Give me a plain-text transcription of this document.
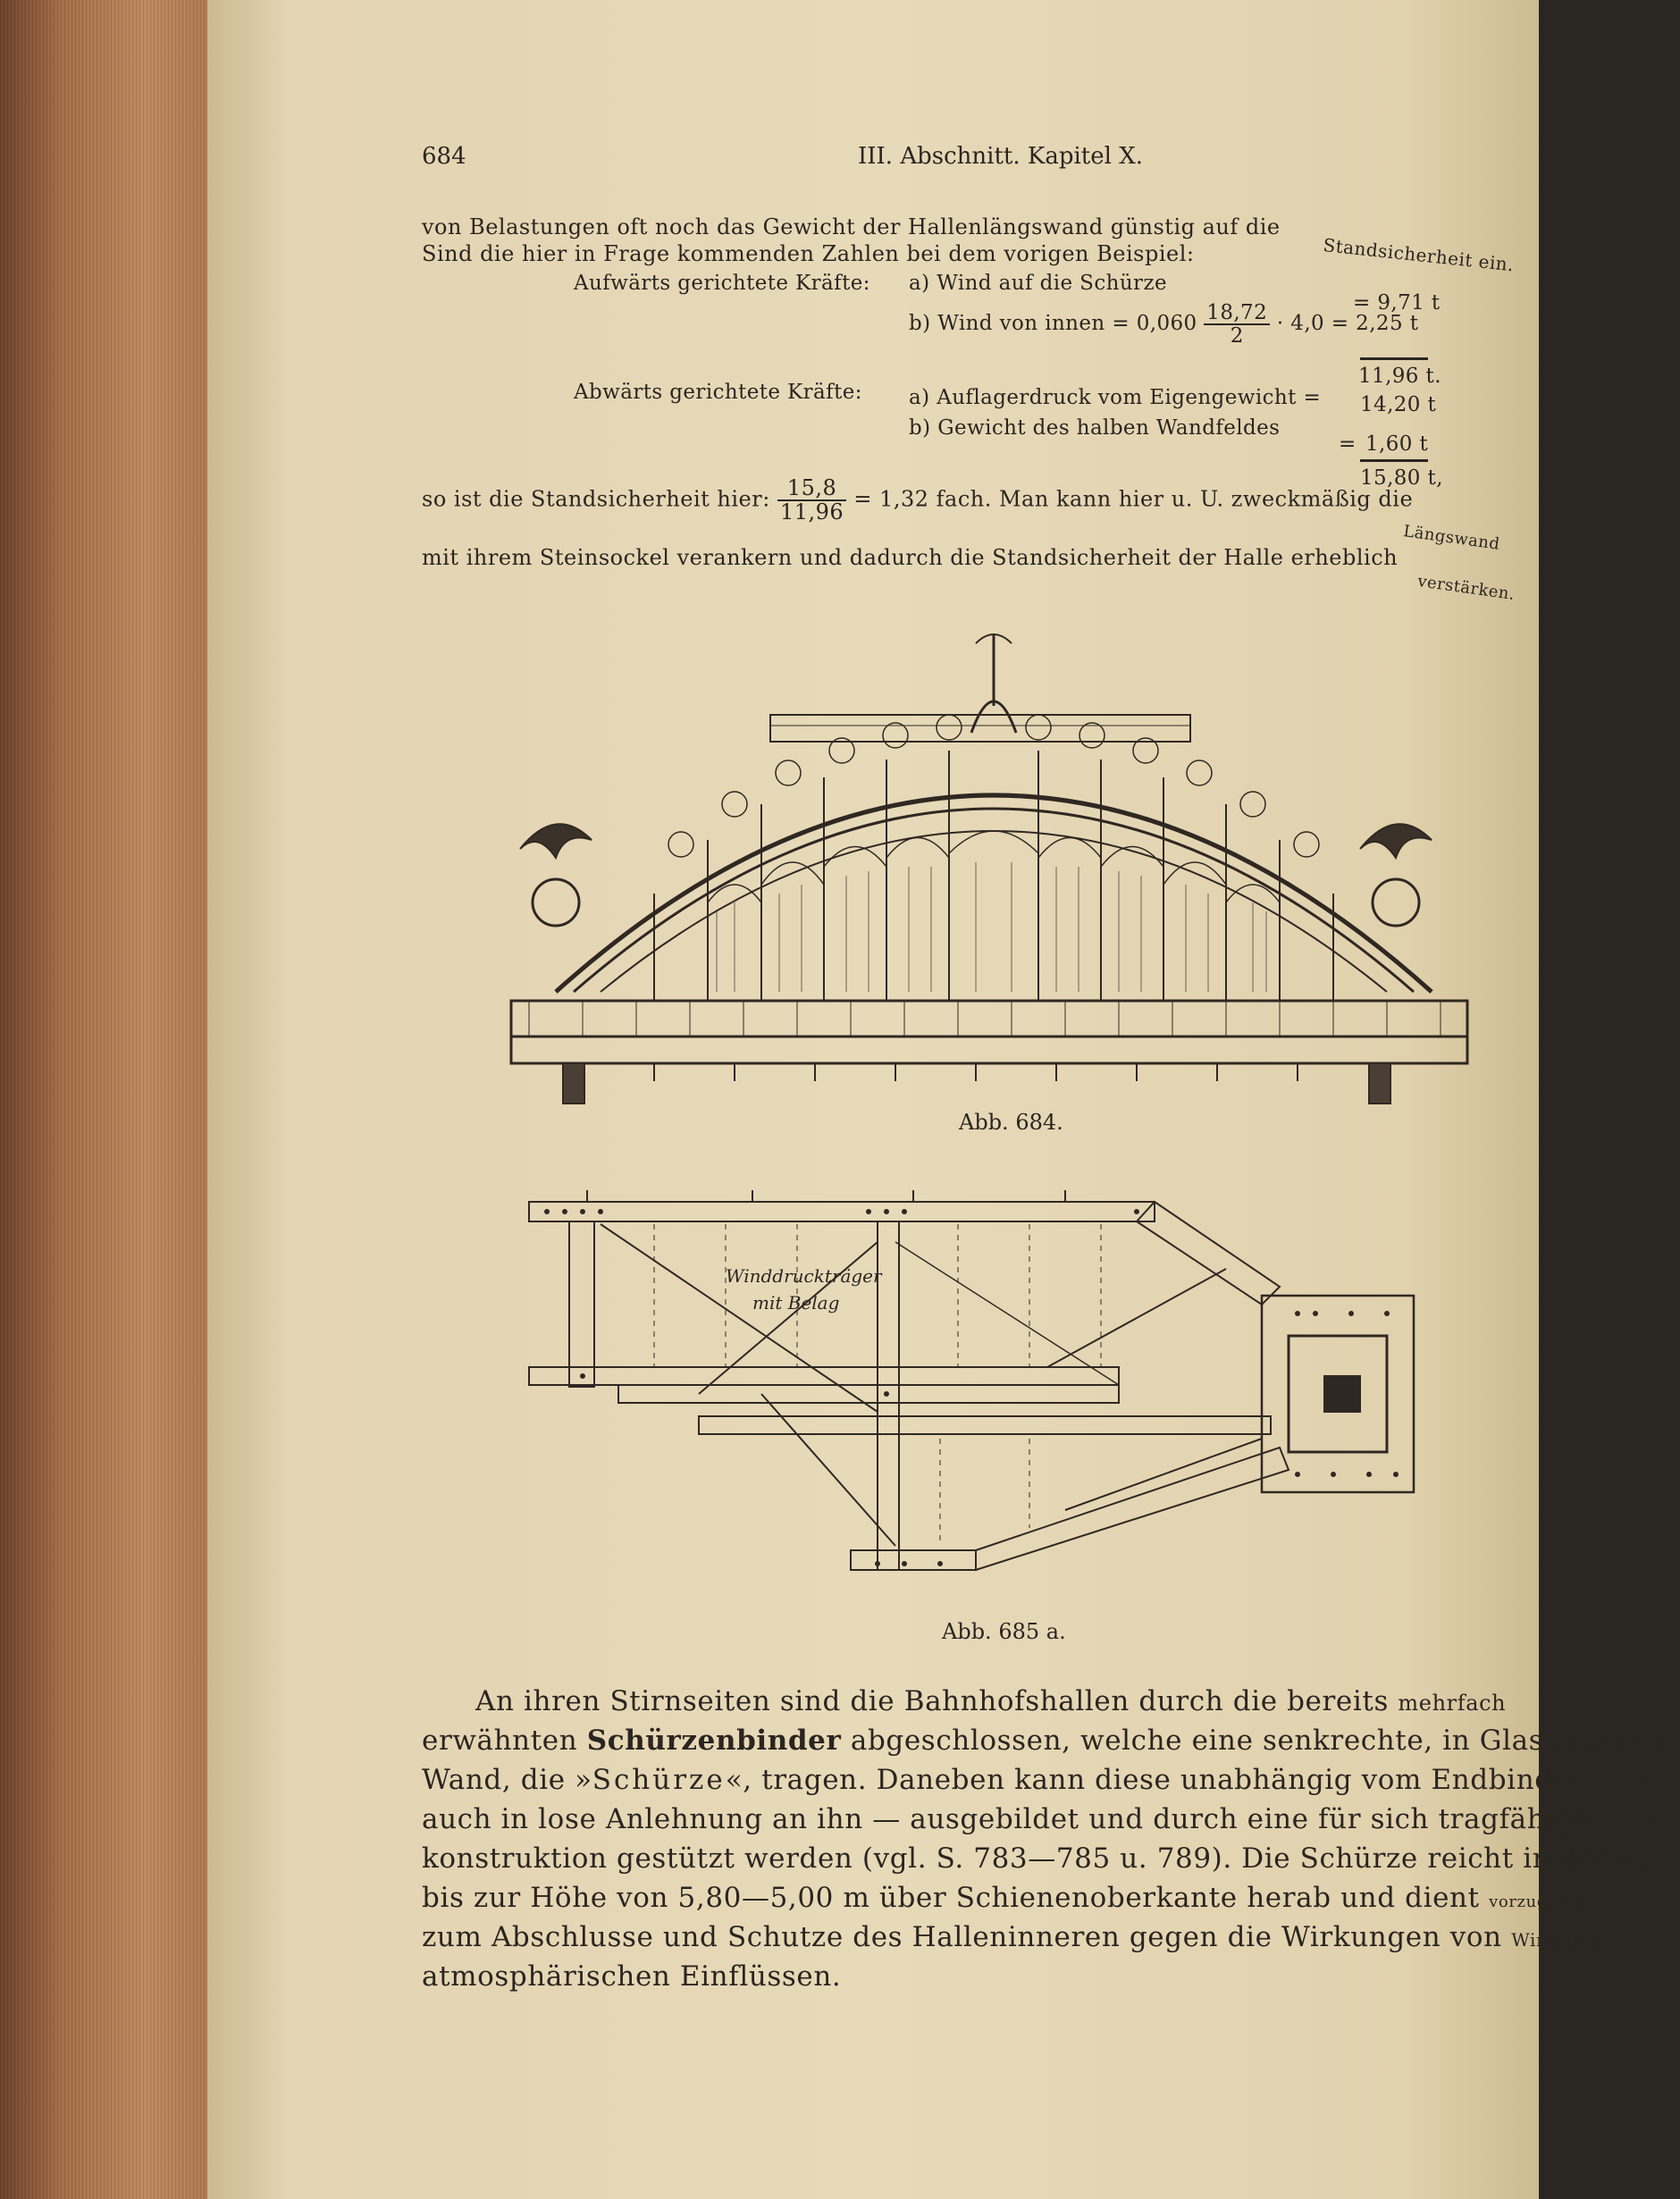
684	III. Abschnitt. Kapitel X.
von Belastungen oft noch das Gewicht der Hallenlängswand günstig auf die
Standsicherheit ein.
Sind die hier in Frage kommenden Zahlen bei dem vorigen Beispiel:
Aufwärts gerichtete Kräfte: a) Wind auf die Schürze
= 9,71 t
b) Wind von innen = $0,060 \frac{18,72}{2} \cdot 4,0 = 2,25$ t
11,96 t.
Abwärts gerichtete Kräfte: a) Auflagerdruck vom Eigengewicht = 14,20 t
b) Gewicht des halben Wandfeldes
= 1,60 t
15,80 t,
so ist die Standsicherheit hier: $\frac{15,8}{11,96} = 1,32$ fach. Man kann hier u. U. zweckmäßig die
Längswand
mit ihrem Steinsockel verankern und dadurch die Standsicherheit der Halle erheblich
verstärken.
Abb. 684.
Winddruckträger
mit Belag
Abb. 685 a.
An ihren Stirnseiten sind die Bahnhofshallen durch die bereits mehrfach
erwähnten Schürzenbinder abgeschlossen, welche eine senkrechte, in Glas eingedeckte
Wand, die »Schürze«, tragen. Daneben kann diese unabhängig vom Endbinder – u. U.
auch in lose Anlehnung an ihn — ausgebildet und durch eine für sich tragfähige Unter-
konstruktion gestützt werden (vgl. S. 783—785 u. 789). Die Schürze reicht in der Regel
bis zur Höhe von 5,80—5,00 m über Schienenoberkante herab und dient vorzugsweise
zum Abschlusse und Schutze des Halleninneren gegen die Wirkungen von Wind und
atmosphärischen Einflüssen.
